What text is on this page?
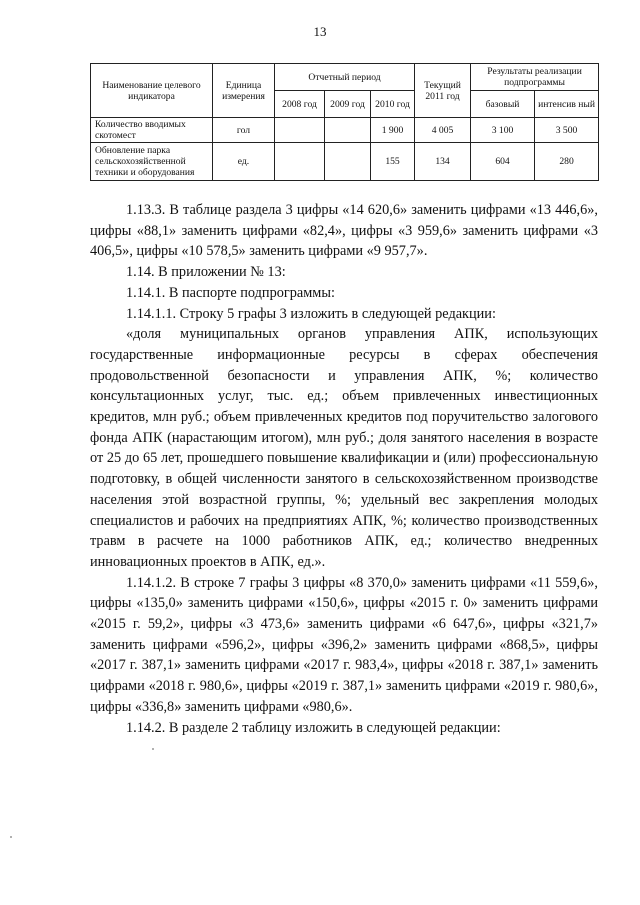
13
Наименование целевого индикатора	Единица измерения	Отчетный период			Текущий 2011 год	Результаты реализации подпрограммы	
		2008 год	2009 год	2010 год		базовый	интенсив ный
Количество вводимых скотомест	гол			1 900	4 005	3 100	3 500
Обновление парка сельскохозяйственной техники и оборудования	ед.			155	134	604	280

1.13.3. В таблице раздела 3 цифры «14 620,6» заменить цифрами «13 446,6», цифры «88,1» заменить цифрами «82,4», цифры «3 959,6» заменить цифрами «3 406,5», цифры «10 578,5» заменить цифрами «9 957,7».

1.14. В приложении № 13:

1.14.1. В паспорте подпрограммы:

1.14.1.1. Строку 5 графы 3 изложить в следующей редакции:

«доля муниципальных органов управления АПК, использующих государственные информационные ресурсы в сферах обеспечения продовольственной безопасности и управления АПК, %; количество консультационных услуг, тыс. ед.; объем привлеченных инвестиционных кредитов, млн руб.; объем привлеченных кредитов под поручительство залогового фонда АПК (нарастающим итогом), млн руб.; доля занятого населения в возрасте от 25 до 65 лет, прошедшего повышение квалификации и (или) профессиональную подготовку, в общей численности занятого в сельскохозяйственном производстве населения этой возрастной группы, %; удельный вес закрепления молодых специалистов и рабочих на предприятиях АПК, %; количество производственных травм в расчете на 1000 работников АПК, ед.; количество внедренных инновационных проектов в АПК, ед.».

1.14.1.2. В строке 7 графы 3 цифры «8 370,0» заменить цифрами «11 559,6», цифры «135,0» заменить цифрами «150,6», цифры «2015 г. 0» заменить цифрами «2015 г. 59,2», цифры «3 473,6» заменить цифрами «6 647,6», цифры «321,7» заменить цифрами «596,2», цифры «396,2» заменить цифрами «868,5», цифры «2017 г. 387,1» заменить цифрами «2017 г. 983,4», цифры «2018 г. 387,1» заменить цифрами «2018 г. 980,6», цифры «2019 г. 387,1» заменить цифрами «2019 г. 980,6», цифры «336,8» заменить цифрами «980,6».

1.14.2. В разделе 2 таблицу изложить в следующей редакции:
